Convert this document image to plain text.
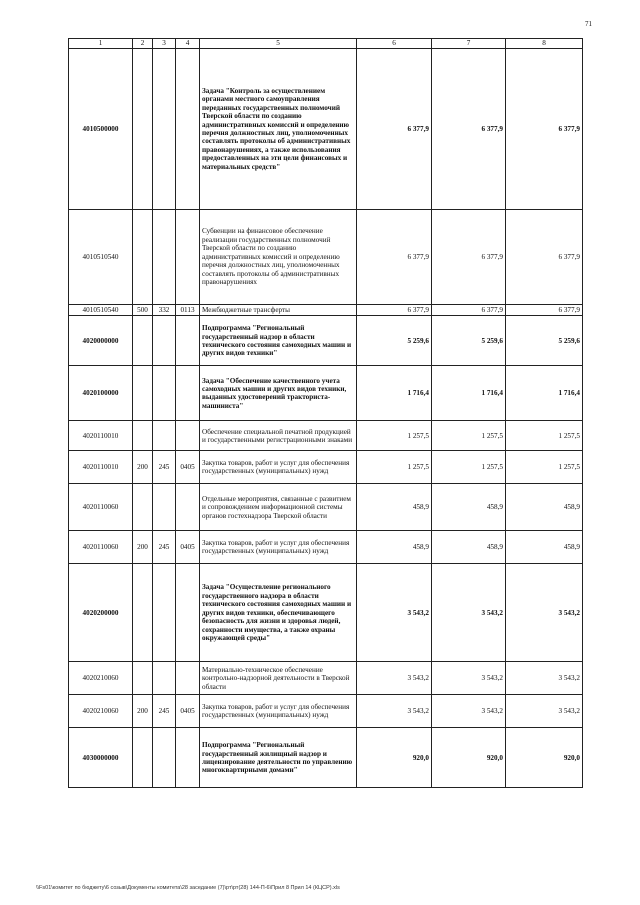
71
1	2	3	4	5	6	7	8
4010500000				Задача "Контроль за осуществлением органами местного самоуправления переданных государственных полномочий Тверской области по созданию административных комиссий и определению перечня должностных лиц, уполномоченных составлять протоколы об административных правонарушениях, а также использования предоставленных на эти цели финансовых и материальных средств"	6 377,9	6 377,9	6 377,9
4010510540				Субвенции на финансовое обеспечение реализации государственных полномочий Тверской области по созданию административных комиссий и определению перечня должностных лиц, уполномоченных составлять протоколы об административных правонарушениях	6 377,9	6 377,9	6 377,9
4010510540	500	332	0113	Межбюджетные трансферты	6 377,9	6 377,9	6 377,9
4020000000				Подпрограмма "Региональный государственный надзор в области технического состояния самоходных машин и других видов техники"	5 259,6	5 259,6	5 259,6
4020100000				Задача "Обеспечение качественного учета самоходных машин и других видов техники, выданных удостоверений тракториста-машиниста"	1 716,4	1 716,4	1 716,4
4020110010				Обеспечение специальной печатной продукцией и государственными регистрационными знаками	1 257,5	1 257,5	1 257,5
4020110010	200	245	0405	Закупка товаров, работ и услуг для обеспечения государственных (муниципальных) нужд	1 257,5	1 257,5	1 257,5
4020110060				Отдельные мероприятия, связанные с развитием и сопровождением информационной системы органов гостехнадзора Тверской области	458,9	458,9	458,9
4020110060	200	245	0405	Закупка товаров, работ и услуг для обеспечения государственных (муниципальных) нужд	458,9	458,9	458,9
4020200000				Задача "Осуществление регионального государственного надзора в области технического состояния самоходных машин и других видов техники, обеспечивающего безопасность для жизни и здоровья людей, сохранности имущества, а также охраны окружающей среды"	3 543,2	3 543,2	3 543,2
4020210060				Материально-техническое обеспечение контрольно-надзорной деятельности в Тверской области	3 543,2	3 543,2	3 543,2
4020210060	200	245	0405	Закупка товаров, работ и услуг для обеспечения государственных (муниципальных) нужд	3 543,2	3 543,2	3 543,2
4030000000				Подпрограмма "Региональный государственный жилищный надзор и лицензирование деятельности по управлению многоквартирными домами"	920,0	920,0	920,0
\\Fs01\комитет по бюджету\6 созыв\Документы комитета\28 заседание (7)\рт\рт(28) 144-П-6\Прил 8 Прил 14 (КЦСР).xls
